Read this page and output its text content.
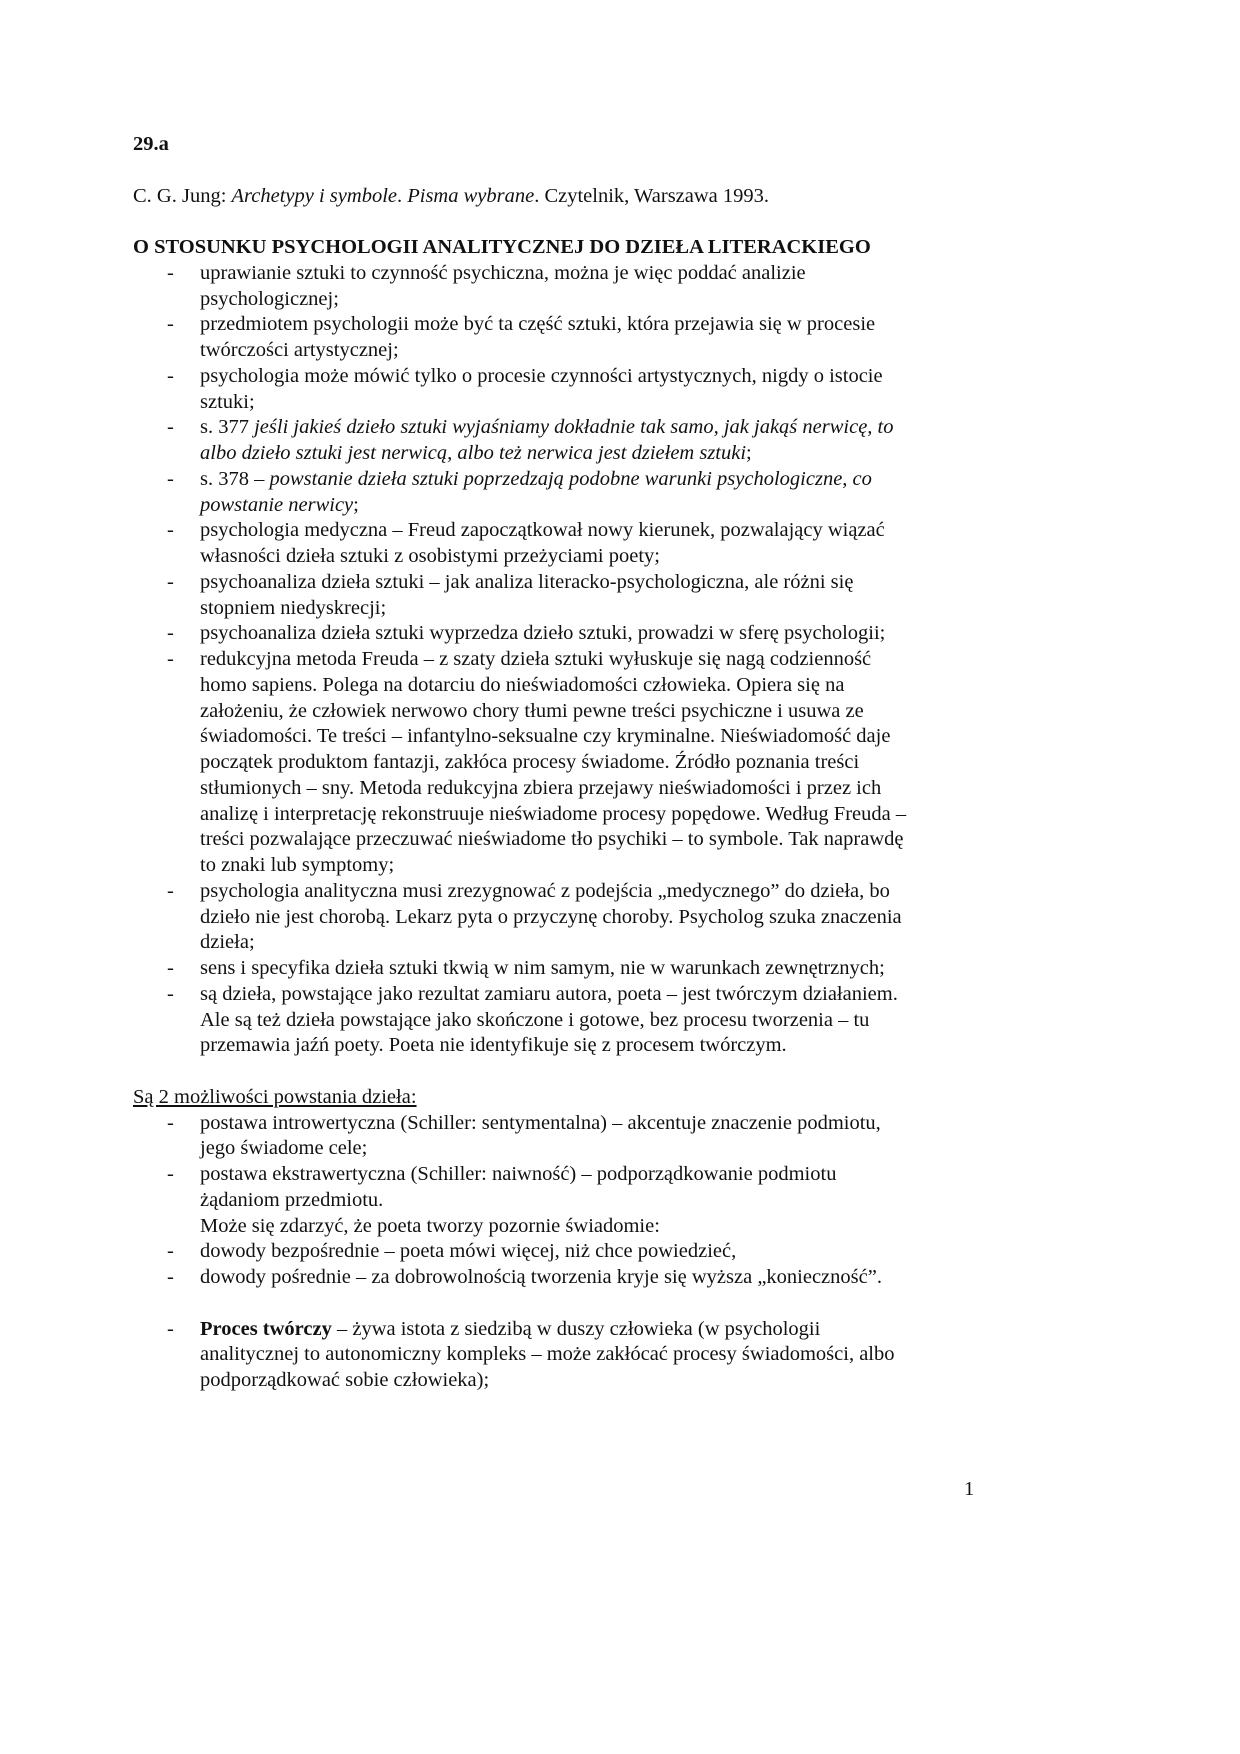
29.a
C. G. Jung: Archetypy i symbole. Pisma wybrane. Czytelnik, Warszawa 1993.
O STOSUNKU PSYCHOLOGII ANALITYCZNEJ DO DZIEŁA LITERACKIEGO
- uprawianie sztuki to czynność psychiczna, można je więc poddać analizie
psychologicznej;
- przedmiotem psychologii może być ta część sztuki, która przejawia się w procesie
twórczości artystycznej;
- psychologia może mówić tylko o procesie czynności artystycznych, nigdy o istocie
sztuki;
- s. 377 jeśli jakieś dzieło sztuki wyjaśniamy dokładnie tak samo, jak jakąś nerwicę, to
albo dzieło sztuki jest nerwicą, albo też nerwica jest dziełem sztuki;
- s. 378 – powstanie dzieła sztuki poprzedzają podobne warunki psychologiczne, co
powstanie nerwicy;
- psychologia medyczna – Freud zapoczątkował nowy kierunek, pozwalający wiązać
własności dzieła sztuki z osobistymi przeżyciami poety;
- psychoanaliza dzieła sztuki – jak analiza literacko-psychologiczna, ale różni się
stopniem niedyskrecji;
- psychoanaliza dzieła sztuki wyprzedza dzieło sztuki, prowadzi w sferę psychologii;
- redukcyjna metoda Freuda – z szaty dzieła sztuki wyłuskuje się nagą codzienność
homo sapiens. Polega na dotarciu do nieświadomości człowieka. Opiera się na
założeniu, że człowiek nerwowo chory tłumi pewne treści psychiczne i usuwa ze
świadomości. Te treści – infantylno-seksualne czy kryminalne. Nieświadomość daje
początek produktom fantazji, zakłóca procesy świadome. Źródło poznania treści
stłumionych – sny. Metoda redukcyjna zbiera przejawy nieświadomości i przez ich
analizę i interpretację rekonstruuje nieświadome procesy popędowe. Według Freuda –
treści pozwalające przeczuwać nieświadome tło psychiki – to symbole. Tak naprawdę
to znaki lub symptomy;
- psychologia analityczna musi zrezygnować z podejścia „medycznego” do dzieła, bo
dzieło nie jest chorobą. Lekarz pyta o przyczynę choroby. Psycholog szuka znaczenia
dzieła;
- sens i specyfika dzieła sztuki tkwią w nim samym, nie w warunkach zewnętrznych;
- są dzieła, powstające jako rezultat zamiaru autora, poeta – jest twórczym działaniem.
Ale są też dzieła powstające jako skończone i gotowe, bez procesu tworzenia – tu
przemawia jaźń poety. Poeta nie identyfikuje się z procesem twórczym.
Są 2 możliwości powstania dzieła:
- postawa introwertyczna (Schiller: sentymentalna) – akcentuje znaczenie podmiotu,
jego świadome cele;
- postawa ekstrawertyczna (Schiller: naiwność) – podporządkowanie podmiotu
żądaniom przedmiotu.
Może się zdarzyć, że poeta tworzy pozornie świadomie:
- dowody bezpośrednie – poeta mówi więcej, niż chce powiedzieć,
- dowody pośrednie – za dobrowolnością tworzenia kryje się wyższa „konieczność”.
- Proces twórczy – żywa istota z siedzibą w duszy człowieka (w psychologii
analitycznej to autonomiczny kompleks – może zakłócać procesy świadomości, albo
podporządkować sobie człowieka);
1
